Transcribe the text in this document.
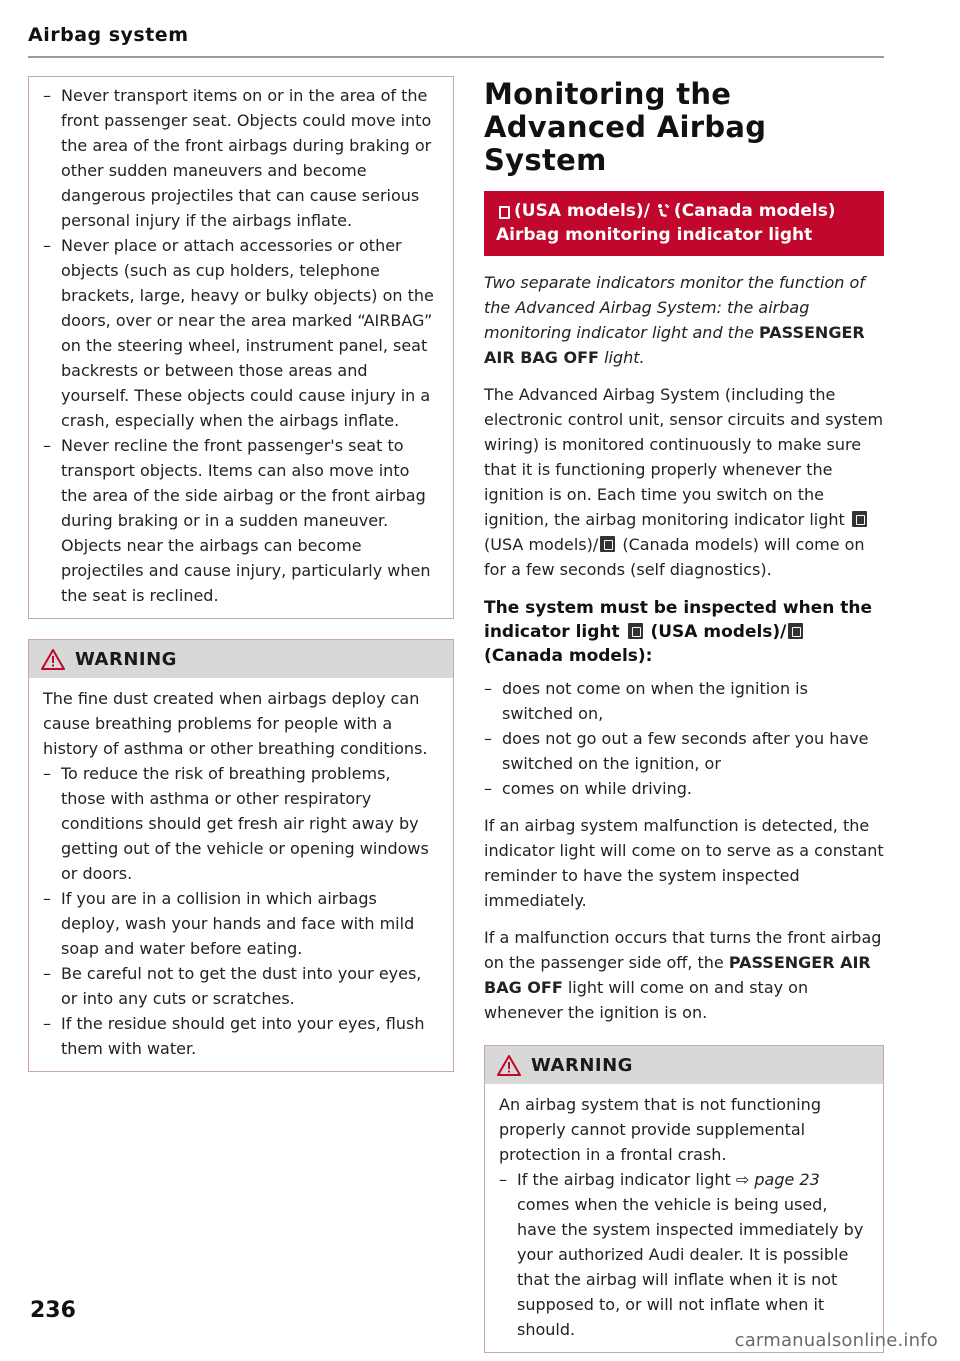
Airbag system
– Never transport items on or in the area of the front passenger seat. Objects could move into the area of the front airbags during braking or other sudden maneuvers and become dangerous projectiles that can cause serious personal injury if the airbags inflate.
– Never place or attach accessories or other objects (such as cup holders, telephone brackets, large, heavy or bulky objects) on the doors, over or near the area marked “AIRBAG” on the steering wheel, instrument panel, seat backrests or between those areas and yourself. These objects could cause injury in a crash, especially when the airbags inflate.
– Never recline the front passenger's seat to transport objects. Items can also move into the area of the side airbag or the front airbag during braking or in a sudden maneuver. Objects near the airbags can become projectiles and cause injury, particularly when the seat is reclined.
WARNING

The fine dust created when airbags deploy can cause breathing problems for people with a history of asthma or other breathing conditions.

– To reduce the risk of breathing problems, those with asthma or other respiratory conditions should get fresh air right away by getting out of the vehicle or opening windows or doors.
– If you are in a collision in which airbags deploy, wash your hands and face with mild soap and water before eating.
– Be careful not to get the dust into your eyes, or into any cuts or scratches.
– If the residue should get into your eyes, flush them with water.
Monitoring the Advanced Airbag System
(USA models)/ (Canada models)
Airbag monitoring indicator light

Two separate indicators monitor the function of the Advanced Airbag System: the airbag monitoring indicator light and the PASSENGER AIR BAG OFF light.

The Advanced Airbag System (including the electronic control unit, sensor circuits and system wiring) is monitored continuously to make sure that it is functioning properly whenever the ignition is on. Each time you switch on the ignition, the airbag monitoring indicator light  (USA models)/ (Canada models) will come on for a few seconds (self diagnostics).

The system must be inspected when the indicator light (USA models)/ (Canada models):
– does not come on when the ignition is switched on,
– does not go out a few seconds after you have switched on the ignition, or
– comes on while driving.

If an airbag system malfunction is detected, the indicator light will come on to serve as a constant reminder to have the system inspected immediately.

If a malfunction occurs that turns the front airbag on the passenger side off, the PASSENGER AIR BAG OFF light will come on and stay on whenever the ignition is on.

WARNING

An airbag system that is not functioning properly cannot provide supplemental protection in a frontal crash.

– If the airbag indicator light ⇨ page 23 comes when the vehicle is being used, have the system inspected immediately by your authorized Audi dealer. It is possible that the airbag will inflate when it is not supposed to, or will not inflate when it should.
236
carmanualsonline.info
